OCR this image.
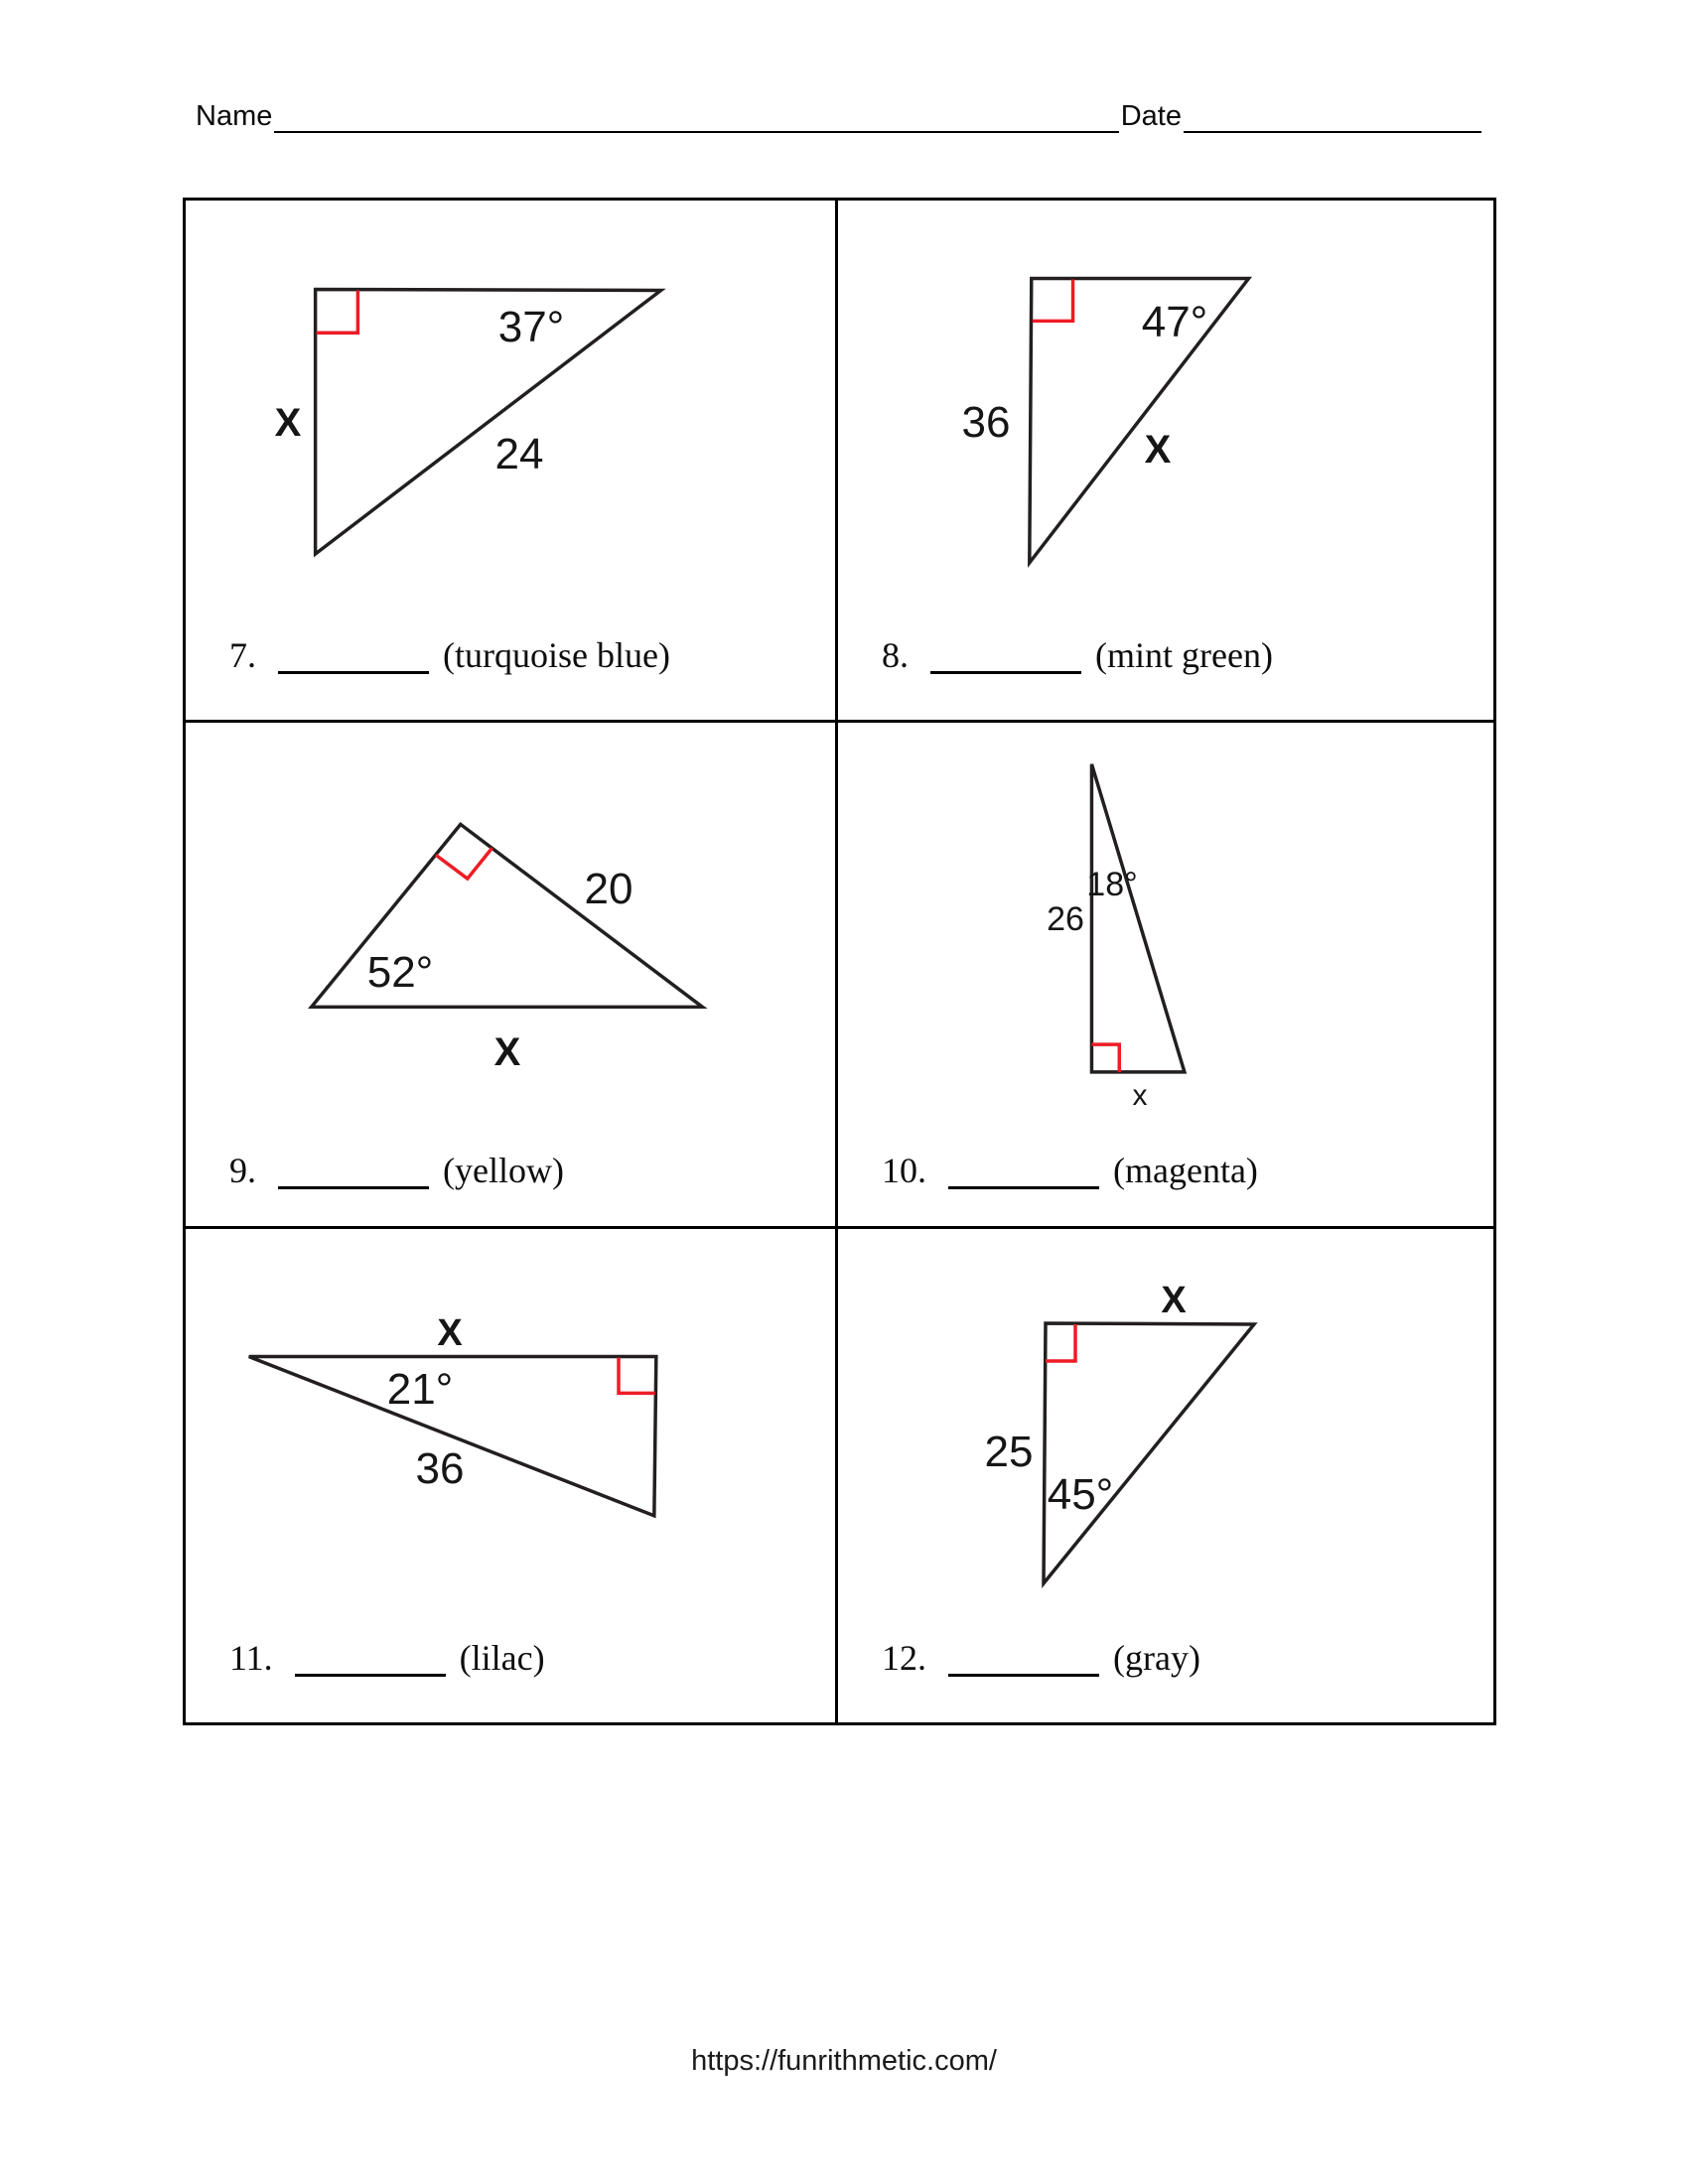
Name	Date
37°
24
X
7.	(turquoise blue)
47°
36
X
8.	(mint green)
52°
20
X
9.	(yellow)
18°
26
x
10.	(magenta)
21°
36
X
11.	(lilac)
45°
25
X
12.	(gray)
https://funrithmetic.com/
